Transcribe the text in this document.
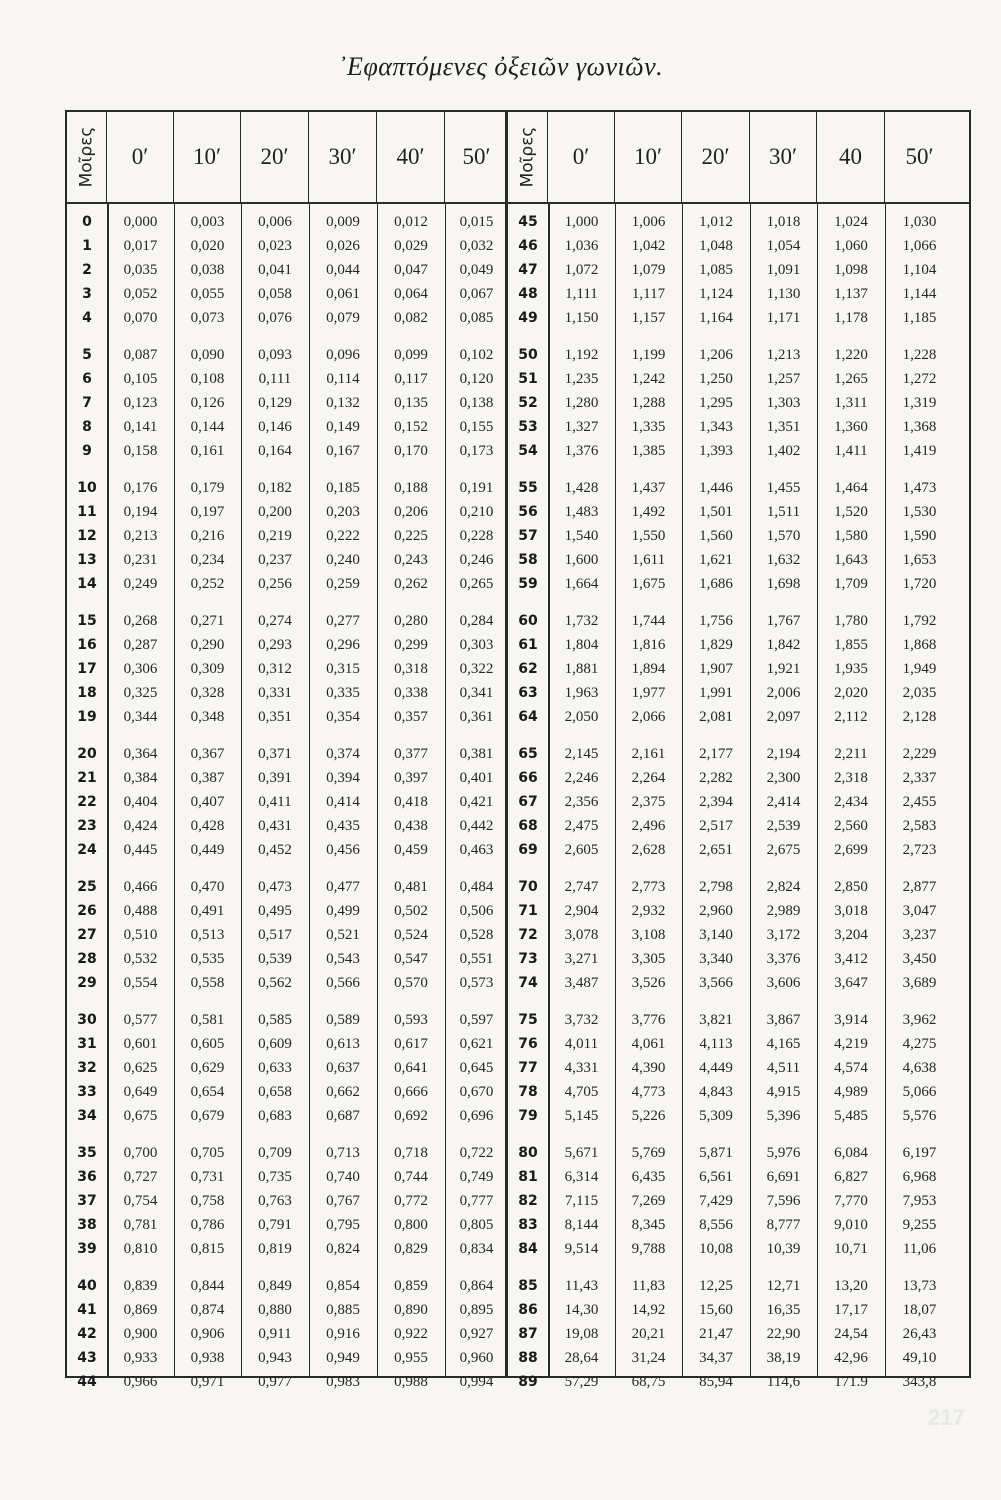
᾿Εφαπτόμενες ὀξειῶν γωνιῶν.
Μοῖρες	0′	10′	20′	30′	40′	50′
0	0,000	0,003	0,006	0,009	0,012	0,015
1	0,017	0,020	0,023	0,026	0,029	0,032
2	0,035	0,038	0,041	0,044	0,047	0,049
3	0,052	0,055	0,058	0,061	0,064	0,067
4	0,070	0,073	0,076	0,079	0,082	0,085
5	0,087	0,090	0,093	0,096	0,099	0,102
6	0,105	0,108	0,111	0,114	0,117	0,120
7	0,123	0,126	0,129	0,132	0,135	0,138
8	0,141	0,144	0,146	0,149	0,152	0,155
9	0,158	0,161	0,164	0,167	0,170	0,173
10	0,176	0,179	0,182	0,185	0,188	0,191
11	0,194	0,197	0,200	0,203	0,206	0,210
12	0,213	0,216	0,219	0,222	0,225	0,228
13	0,231	0,234	0,237	0,240	0,243	0,246
14	0,249	0,252	0,256	0,259	0,262	0,265
15	0,268	0,271	0,274	0,277	0,280	0,284
16	0,287	0,290	0,293	0,296	0,299	0,303
17	0,306	0,309	0,312	0,315	0,318	0,322
18	0,325	0,328	0,331	0,335	0,338	0,341
19	0,344	0,348	0,351	0,354	0,357	0,361
20	0,364	0,367	0,371	0,374	0,377	0,381
21	0,384	0,387	0,391	0,394	0,397	0,401
22	0,404	0,407	0,411	0,414	0,418	0,421
23	0,424	0,428	0,431	0,435	0,438	0,442
24	0,445	0,449	0,452	0,456	0,459	0,463
25	0,466	0,470	0,473	0,477	0,481	0,484
26	0,488	0,491	0,495	0,499	0,502	0,506
27	0,510	0,513	0,517	0,521	0,524	0,528
28	0,532	0,535	0,539	0,543	0,547	0,551
29	0,554	0,558	0,562	0,566	0,570	0,573
30	0,577	0,581	0,585	0,589	0,593	0,597
31	0,601	0,605	0,609	0,613	0,617	0,621
32	0,625	0,629	0,633	0,637	0,641	0,645
33	0,649	0,654	0,658	0,662	0,666	0,670
34	0,675	0,679	0,683	0,687	0,692	0,696
35	0,700	0,705	0,709	0,713	0,718	0,722
36	0,727	0,731	0,735	0,740	0,744	0,749
37	0,754	0,758	0,763	0,767	0,772	0,777
38	0,781	0,786	0,791	0,795	0,800	0,805
39	0,810	0,815	0,819	0,824	0,829	0,834
40	0,839	0,844	0,849	0,854	0,859	0,864
41	0,869	0,874	0,880	0,885	0,890	0,895
42	0,900	0,906	0,911	0,916	0,922	0,927
43	0,933	0,938	0,943	0,949	0,955	0,960
44	0,966	0,971	0,977	0,983	0,988	0,994
Μοῖρες	0′	10′	20′	30′	40	50′
45	1,000	1,006	1,012	1,018	1,024	1,030
46	1,036	1,042	1,048	1,054	1,060	1,066
47	1,072	1,079	1,085	1,091	1,098	1,104
48	1,111	1,117	1,124	1,130	1,137	1,144
49	1,150	1,157	1,164	1,171	1,178	1,185
50	1,192	1,199	1,206	1,213	1,220	1,228
51	1,235	1,242	1,250	1,257	1,265	1,272
52	1,280	1,288	1,295	1,303	1,311	1,319
53	1,327	1,335	1,343	1,351	1,360	1,368
54	1,376	1,385	1,393	1,402	1,411	1,419
55	1,428	1,437	1,446	1,455	1,464	1,473
56	1,483	1,492	1,501	1,511	1,520	1,530
57	1,540	1,550	1,560	1,570	1,580	1,590
58	1,600	1,611	1,621	1,632	1,643	1,653
59	1,664	1,675	1,686	1,698	1,709	1,720
60	1,732	1,744	1,756	1,767	1,780	1,792
61	1,804	1,816	1,829	1,842	1,855	1,868
62	1,881	1,894	1,907	1,921	1,935	1,949
63	1,963	1,977	1,991	2,006	2,020	2,035
64	2,050	2,066	2,081	2,097	2,112	2,128
65	2,145	2,161	2,177	2,194	2,211	2,229
66	2,246	2,264	2,282	2,300	2,318	2,337
67	2,356	2,375	2,394	2,414	2,434	2,455
68	2,475	2,496	2,517	2,539	2,560	2,583
69	2,605	2,628	2,651	2,675	2,699	2,723
70	2,747	2,773	2,798	2,824	2,850	2,877
71	2,904	2,932	2,960	2,989	3,018	3,047
72	3,078	3,108	3,140	3,172	3,204	3,237
73	3,271	3,305	3,340	3,376	3,412	3,450
74	3,487	3,526	3,566	3,606	3,647	3,689
75	3,732	3,776	3,821	3,867	3,914	3,962
76	4,011	4,061	4,113	4,165	4,219	4,275
77	4,331	4,390	4,449	4,511	4,574	4,638
78	4,705	4,773	4,843	4,915	4,989	5,066
79	5,145	5,226	5,309	5,396	5,485	5,576
80	5,671	5,769	5,871	5,976	6,084	6,197
81	6,314	6,435	6,561	6,691	6,827	6,968
82	7,115	7,269	7,429	7,596	7,770	7,953
83	8,144	8,345	8,556	8,777	9,010	9,255
84	9,514	9,788	10,08	10,39	10,71	11,06
85	11,43	11,83	12,25	12,71	13,20	13,73
86	14,30	14,92	15,60	16,35	17,17	18,07
87	19,08	20,21	21,47	22,90	24,54	26,43
88	28,64	31,24	34,37	38,19	42,96	49,10
89	57,29	68,75	85,94	114,6	171.9	343,8
217
